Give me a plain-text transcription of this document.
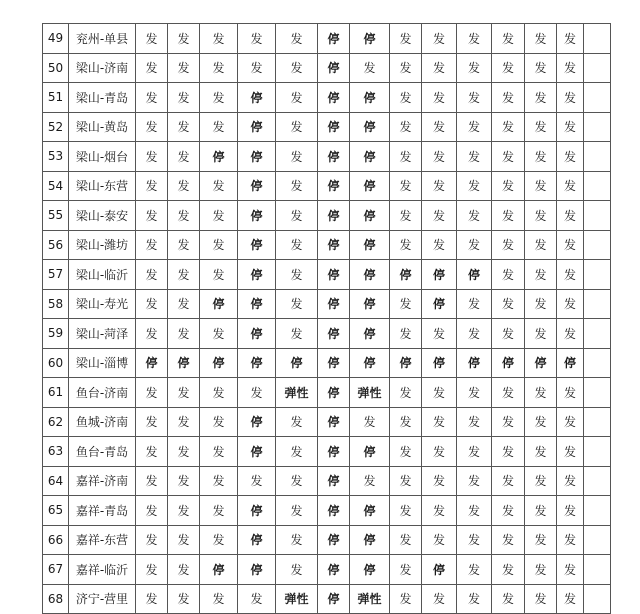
49	兖州-单县	发	发	发	发	发	停	停	发	发	发	发	发	发	
50	梁山-济南	发	发	发	发	发	停	发	发	发	发	发	发	发	
51	梁山-青岛	发	发	发	停	发	停	停	发	发	发	发	发	发	
52	梁山-黄岛	发	发	发	停	发	停	停	发	发	发	发	发	发	
53	梁山-烟台	发	发	停	停	发	停	停	发	发	发	发	发	发	
54	梁山-东营	发	发	发	停	发	停	停	发	发	发	发	发	发	
55	梁山-泰安	发	发	发	停	发	停	停	发	发	发	发	发	发	
56	梁山-潍坊	发	发	发	停	发	停	停	发	发	发	发	发	发	
57	梁山-临沂	发	发	发	停	发	停	停	停	停	停	发	发	发	
58	梁山-寿光	发	发	停	停	发	停	停	发	停	发	发	发	发	
59	梁山-菏泽	发	发	发	停	发	停	停	发	发	发	发	发	发	
60	梁山-淄博	停	停	停	停	停	停	停	停	停	停	停	停	停	
61	鱼台-济南	发	发	发	发	弹性	停	弹性	发	发	发	发	发	发	
62	鱼城-济南	发	发	发	停	发	停	发	发	发	发	发	发	发	
63	鱼台-青岛	发	发	发	停	发	停	停	发	发	发	发	发	发	
64	嘉祥-济南	发	发	发	发	发	停	发	发	发	发	发	发	发	
65	嘉祥-青岛	发	发	发	停	发	停	停	发	发	发	发	发	发	
66	嘉祥-东营	发	发	发	停	发	停	停	发	发	发	发	发	发	
67	嘉祥-临沂	发	发	停	停	发	停	停	发	停	发	发	发	发	
68	济宁-营里	发	发	发	发	弹性	停	弹性	发	发	发	发	发	发	
